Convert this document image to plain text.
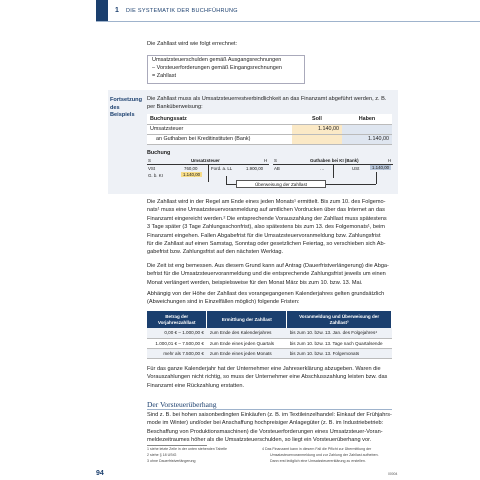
1 DIE SYSTEMATIK DER BUCHFÜHRUNG
Die Zahllast wird wie folgt errechnet:
Umsatzsteuerschulden gemäß Ausgangsrechnungen
– Vorsteuerforderungen gemäß Eingangsrechnungen
= Zahllast
Fortsetzung des Beispiels
Die Zahllast muss als Umsatzsteuerrestverbindlichkeit an das Finanzamt abgeführt werden, z. B.
per Banküberweisung:
Buchungssatz	Soll	Haben
Umsatzsteuer	1.140,00	
an Guthaben bei Kreditinstituten (Bank)		1.140,00
Buchung
S	Umsatzsteuer	H
VSt	760,00	Ford. a. LL	1.900,00
G. b. KI	1.140,00
S	Guthaben bei KI (Bank)	H
AB	…	USt	1.140,00
Überweisung der Zahllast
Die Zahllast wird in der Regel am Ende eines jeden Monats¹ ermittelt. Bis zum 10. des Folgemo-
nats¹ muss eine Umsatzsteuervoranmeldung auf amtlichen Vordrucken über das Internet an das
Finanzamt eingereicht werden.² Die entsprechende Vorauszahlung der Zahllast muss spätestens
3 Tage später (3 Tage Zahlungsschonfrist), also spätestens bis zum 13. des Folgemonats¹, beim
Finanzamt eingehen. Fallen Abgabefrist für die Umsatzsteuervoranmeldung bzw. Zahlungsfrist
für die Zahllast auf einen Samstag, Sonntag oder gesetzlichen Feiertag, so verschieben sich Ab-
gabefrist bzw. Zahlungsfrist auf den nächsten Werktag.
Die Zeit ist eng bemessen. Aus diesem Grund kann auf Antrag (Dauerfristverlängerung) die Abga-
befrist für die Umsatzsteuervoranmeldung und die entsprechende Zahlungsfrist jeweils um einen
Monat verlängert werden, beispielsweise für den Monat März bis zum 10. bzw. 13. Mai.
Abhängig von der Höhe der Zahllast des vorangegangenen Kalenderjahres gelten grundsätzlich
(Abweichungen sind in Einzelfällen möglich) folgende Fristen:
Betrag der Vorjahreszahllast	Ermittlung der Zahllast	Voranmeldung und Überweisung der Zahllast³
0,00 € – 1.000,00 €	zum Ende des Kalenderjahres	bis zum 10. bzw. 13. Jan. des Folgejahres⁴
1.000,01 € – 7.500,00 €	zum Ende eines jeden Quartals	bis zum 10. bzw. 13. Tage nach Quartalsende
mehr als 7.500,00 €	zum Ende eines jeden Monats	bis zum 10. bzw. 13. Folgemonats
Für das ganze Kalenderjahr hat der Unternehmer eine Jahreserklärung abzugeben. Waren die
Vorauszahlungen nicht richtig, so muss der Unternehmer eine Abschlusszahlung leisten bzw. das
Finanzamt eine Rückzahlung erstatten.
Der Vorsteuerüberhang
Sind z. B. bei hohen saisonbedingten Einkäufen (z. B. im Textileinzelhandel: Einkauf der Frühjahrs-
mode im Winter) und/oder bei Anschaffung hochpreisiger Anlagegüter (z. B. im Industriebetrieb:
Beschaffung von Produktionsmaschinen) die Vorsteuerforderungen eines Umsatzsteuer-Voran-
meldezeitraumes höher als die Umsatzsteuerschulden, so liegt ein Vorsteuerüberhang vor.
1 siehe letzte Zeile in der unten stehenden Tabelle
2 siehe § 18 UStG
3 ohne Dauerfristverlängerung
4 Das Finanzamt kann in diesem Fall die Pflicht zur Übermittlung der
Umsatzsteuervoranmeldung und zur Zahlung der Zahllast aufheben.
Dann erst lediglich eine Umsatzsteuererklärung zu erstellen.
94	00004
